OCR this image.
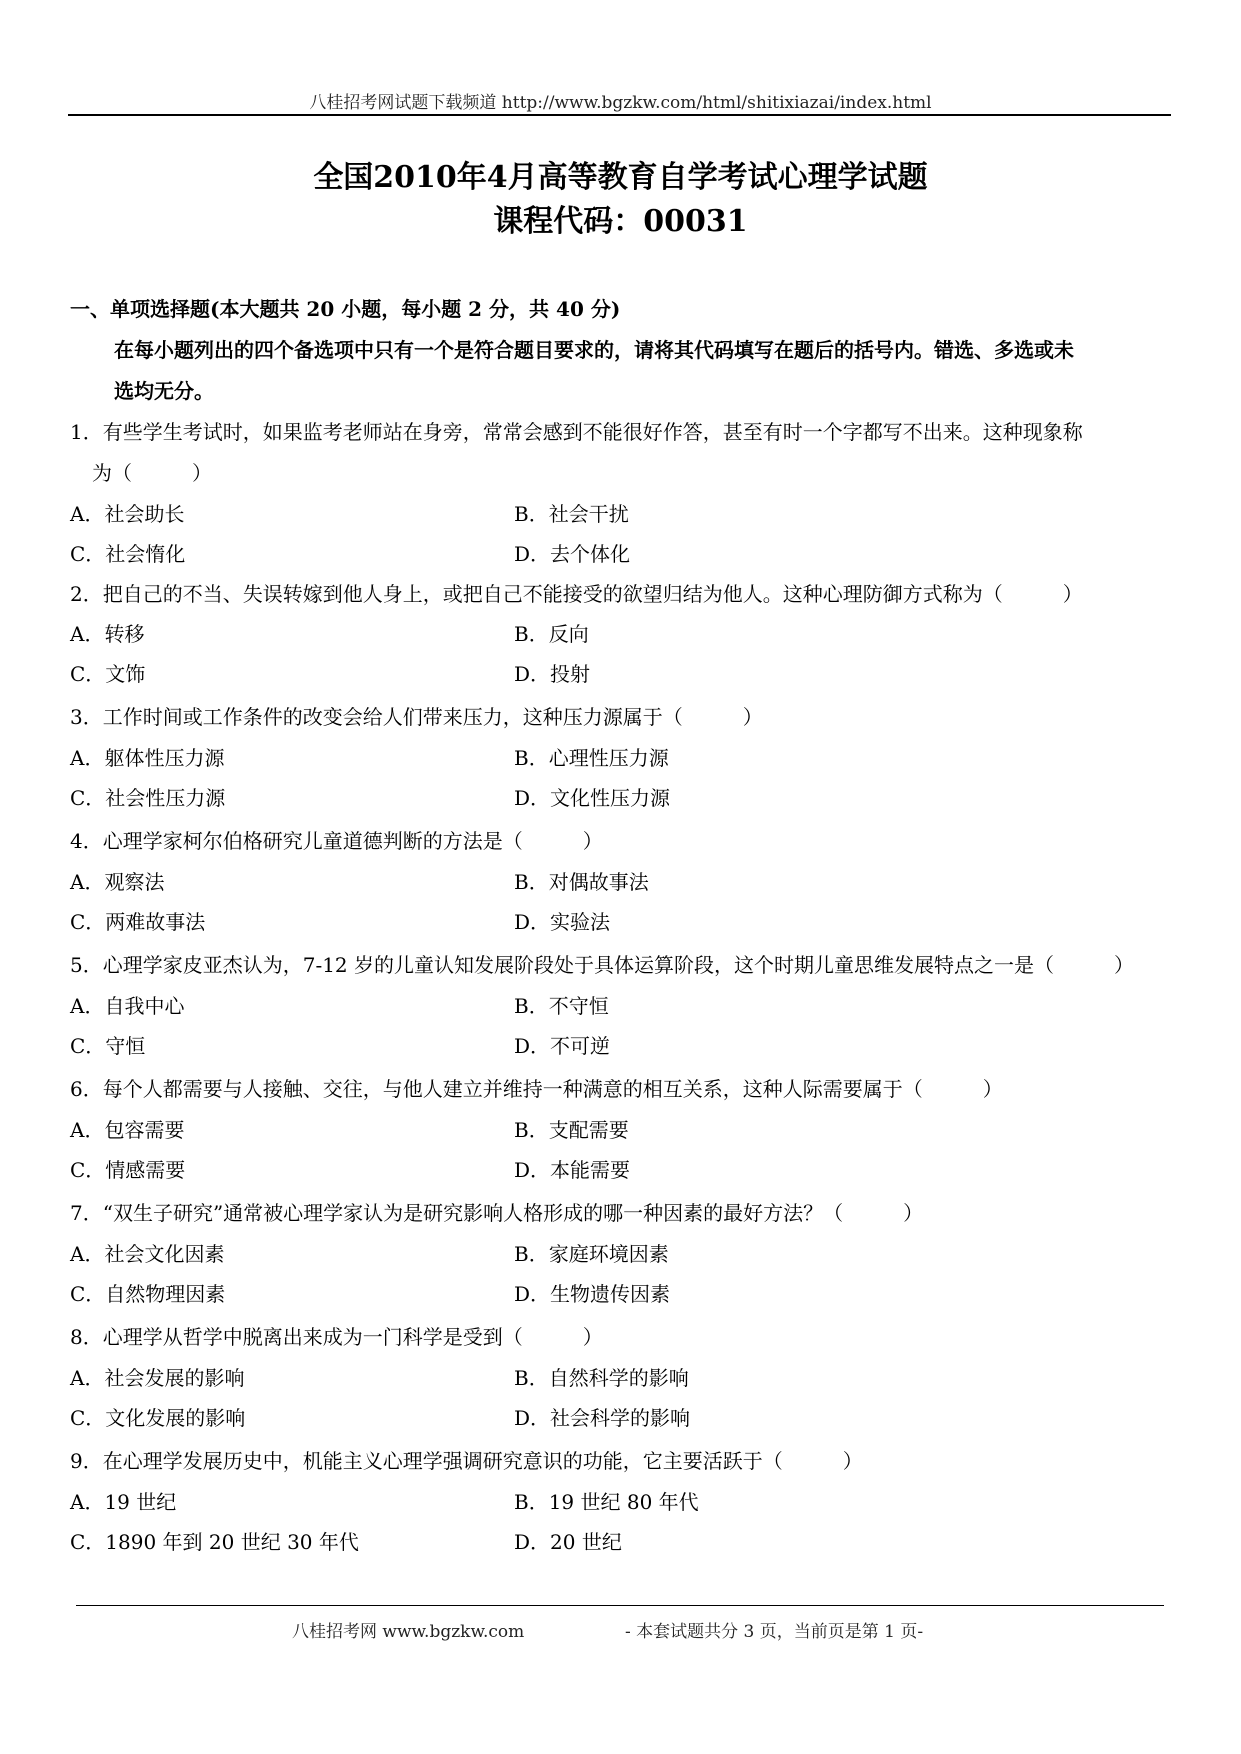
八桂招考网试题下载频道 http://www.bgzkw.com/html/shitixiazai/index.html
全国2010年4月高等教育自学考试心理学试题
课程代码：00031
一、单项选择题(本大题共 20 小题，每小题 2 分，共 40 分)
在每小题列出的四个备选项中只有一个是符合题目要求的，请将其代码填写在题后的括号内。错选、多选或未
选均无分。
1．有些学生考试时，如果监考老师站在身旁，常常会感到不能很好作答，甚至有时一个字都写不出来。这种现象称
为（　　　）
A．社会助长	B．社会干扰
C．社会惰化	D．去个体化
2．把自己的不当、失误转嫁到他人身上，或把自己不能接受的欲望归结为他人。这种心理防御方式称为（　　　）
A．转移	B．反向
C．文饰	D．投射
3．工作时间或工作条件的改变会给人们带来压力，这种压力源属于（　　　）
A．躯体性压力源	B．心理性压力源
C．社会性压力源	D．文化性压力源
4．心理学家柯尔伯格研究儿童道德判断的方法是（　　　）
A．观察法	B．对偶故事法
C．两难故事法	D．实验法
5．心理学家皮亚杰认为，7-12 岁的儿童认知发展阶段处于具体运算阶段，这个时期儿童思维发展特点之一是（　　　）
A．自我中心	B．不守恒
C．守恒	D．不可逆
6．每个人都需要与人接触、交往，与他人建立并维持一种满意的相互关系，这种人际需要属于（　　　）
A．包容需要	B．支配需要
C．情感需要	D．本能需要
7．“双生子研究”通常被心理学家认为是研究影响人格形成的哪一种因素的最好方法？（　　　）
A．社会文化因素	B．家庭环境因素
C．自然物理因素	D．生物遗传因素
8．心理学从哲学中脱离出来成为一门科学是受到（　　　）
A．社会发展的影响	B．自然科学的影响
C．文化发展的影响	D．社会科学的影响
9．在心理学发展历史中，机能主义心理学强调研究意识的功能，它主要活跃于（　　　）
A．19 世纪	B．19 世纪 80 年代
C．1890 年到 20 世纪 30 年代	D．20 世纪
八桂招考网 www.bgzkw.com	- 本套试题共分 3 页，当前页是第 1 页-
